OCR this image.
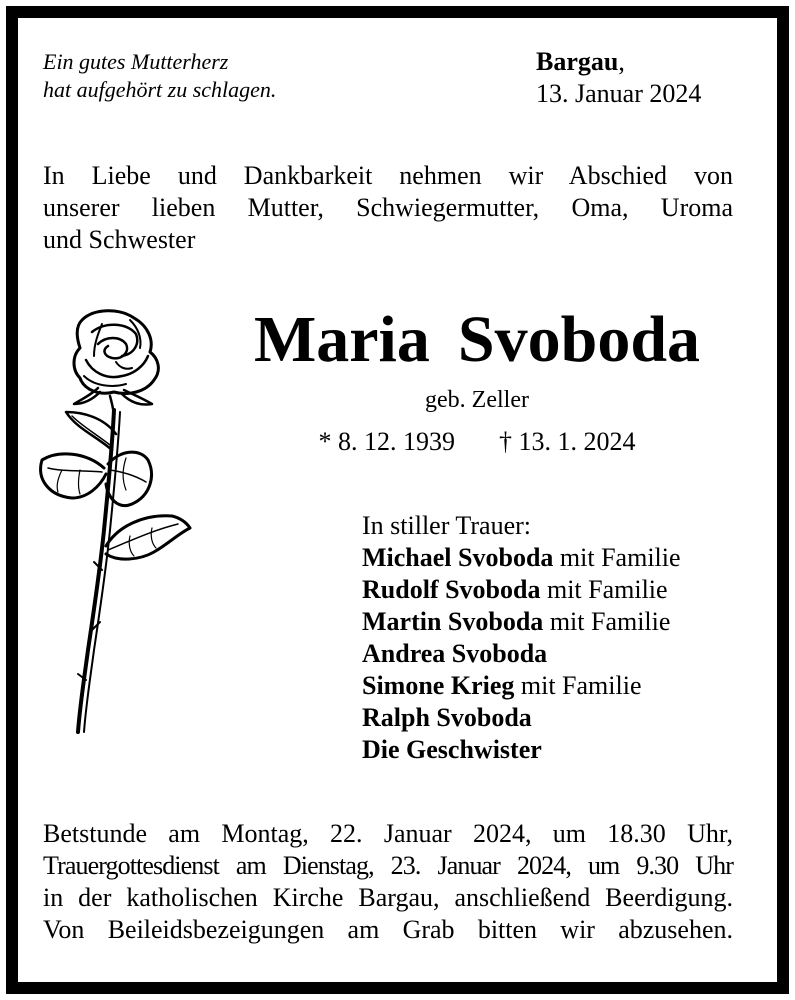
Ein gutes Mutterherz
hat aufgehört zu schlagen.
Bargau,
13. Januar 2024
In Liebe und Dankbarkeit nehmen wir Abschied von
unserer lieben Mutter, Schwiegermutter, Oma, Uroma
und Schwester
Maria Svoboda
geb. Zeller
* 8. 12. 1939 † 13. 1. 2024
In stiller Trauer:
Michael Svoboda mit Familie
Rudolf Svoboda mit Familie
Martin Svoboda mit Familie
Andrea Svoboda
Simone Krieg mit Familie
Ralph Svoboda
Die Geschwister
Betstunde am Montag, 22. Januar 2024, um 18.30 Uhr,
Trauergottesdienst am Dienstag, 23. Januar 2024, um 9.30 Uhr
in der katholischen Kirche Bargau, anschließend Beerdigung.
Von Beileidsbezeigungen am Grab bitten wir abzusehen.
